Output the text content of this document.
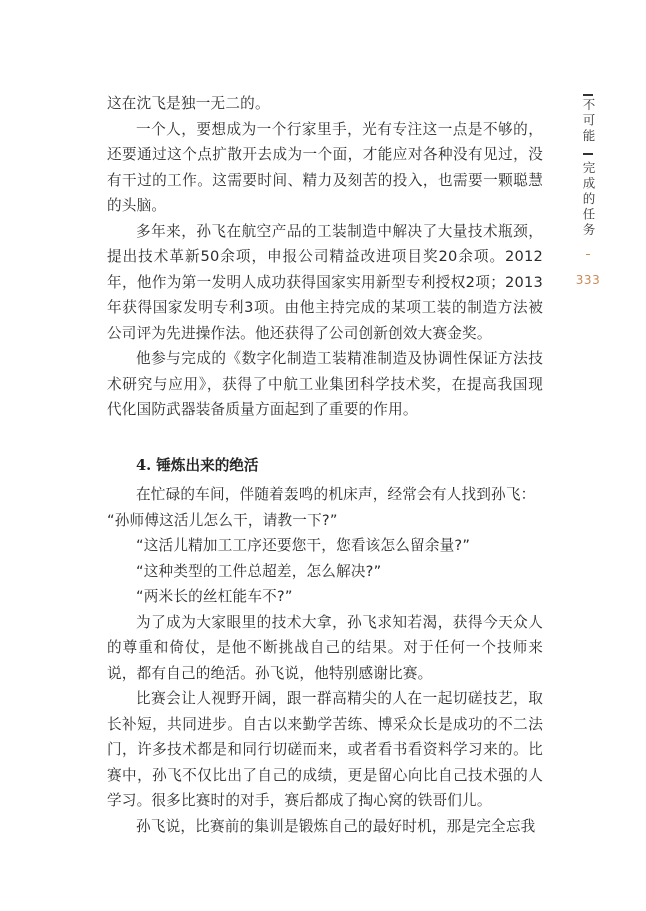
这在沈飞是独一无二的。

一个人，要想成为一个行家里手，光有专注这一点是不够的，还要通过这个点扩散开去成为一个面，才能应对各种没有见过，没有干过的工作。这需要时间、精力及刻苦的投入，也需要一颗聪慧的头脑。

多年来，孙飞在航空产品的工装制造中解决了大量技术瓶颈，提出技术革新50余项，申报公司精益改进项目奖20余项。2012年，他作为第一发明人成功获得国家实用新型专利授权2项；2013年获得国家发明专利3项。由他主持完成的某项工装的制造方法被公司评为先进操作法。他还获得了公司创新创效大赛金奖。

他参与完成的《数字化制造工装精准制造及协调性保证方法技术研究与应用》，获得了中航工业集团科学技术奖，在提高我国现代化国防武器装备质量方面起到了重要的作用。

4. 锤炼出来的绝活

在忙碌的车间，伴随着轰鸣的机床声，经常会有人找到孙飞：

“孙师傅这活儿怎么干，请教一下?”

“这活儿精加工工序还要您干，您看该怎么留余量?”

“这种类型的工件总超差，怎么解决?”

“两米长的丝杠能车不?”

为了成为大家眼里的技术大拿，孙飞求知若渴，获得今天众人的尊重和倚仗，是他不断挑战自己的结果。对于任何一个技师来说，都有自己的绝活。孙飞说，他特别感谢比赛。

比赛会让人视野开阔，跟一群高精尖的人在一起切磋技艺，取长补短，共同进步。自古以来勤学苦练、博采众长是成功的不二法门，许多技术都是和同行切磋而来，或者看书看资料学习来的。比赛中，孙飞不仅比出了自己的成绩，更是留心向比自己技术强的人学习。很多比赛时的对手，赛后都成了掏心窝的铁哥们儿。

孙飞说，比赛前的集训是锻炼自己的最好时机，那是完全忘我

不可能
完成的任务
333
